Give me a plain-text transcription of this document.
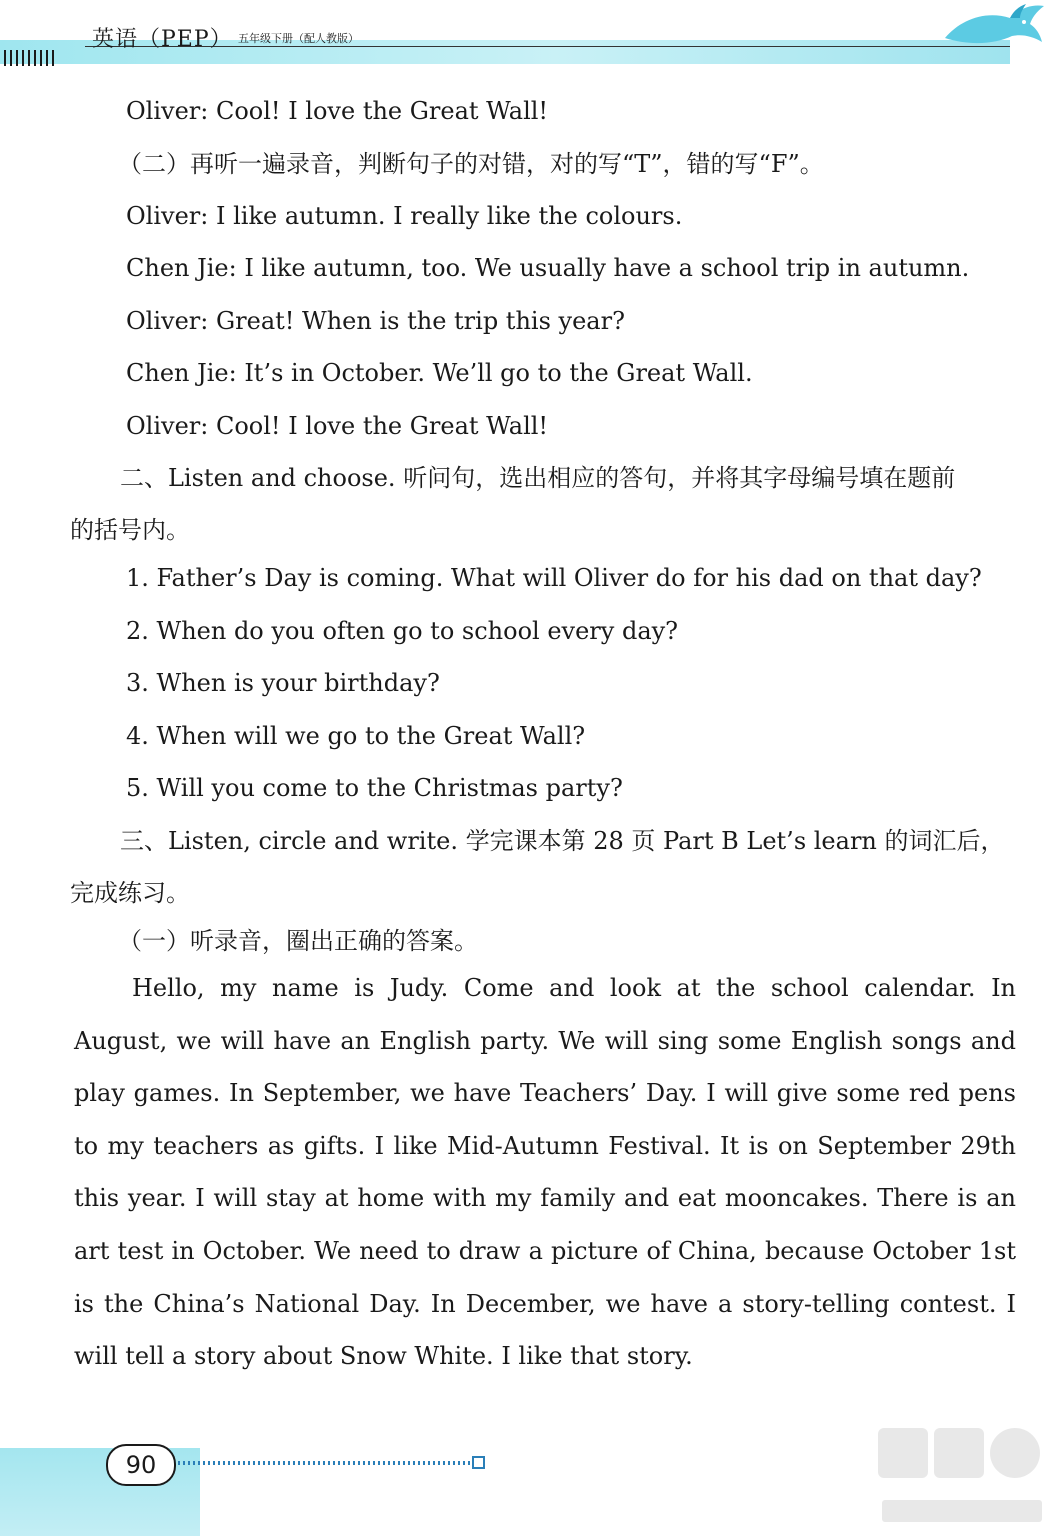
英语（PEP） 五年级下册（配人教版）
Oliver: Cool! I love the Great Wall!
（二）再听一遍录音，判断句子的对错，对的写“T”，错的写“F”。
Oliver: I like autumn. I really like the colours.
Chen Jie: I like autumn, too. We usually have a school trip in autumn.
Oliver: Great! When is the trip this year?
Chen Jie: It’s in October. We’ll go to the Great Wall.
Oliver: Cool! I love the Great Wall!
二、Listen and choose. 听问句，选出相应的答句，并将其字母编号填在题前
的括号内。
1. Father’s Day is coming. What will Oliver do for his dad on that day?
2. When do you often go to school every day?
3. When is your birthday?
4. When will we go to the Great Wall?
5. Will you come to the Christmas party?
三、Listen, circle and write. 学完课本第 28 页 Part B Let’s learn 的词汇后，
完成练习。
（一）听录音，圈出正确的答案。
Hello, my name is Judy. Come and look at the school calendar. In August, we will have an English party. We will sing some English songs and play games. In September, we have Teachers’ Day. I will give some red pens to my teachers as gifts. I like Mid-Autumn Festival. It is on September 29th this year. I will stay at home with my family and eat mooncakes. There is an art test in October. We need to draw a picture of China, because October 1st is the China’s National Day. In December, we have a story-telling contest. I will tell a story about Snow White. I like that story.
90
